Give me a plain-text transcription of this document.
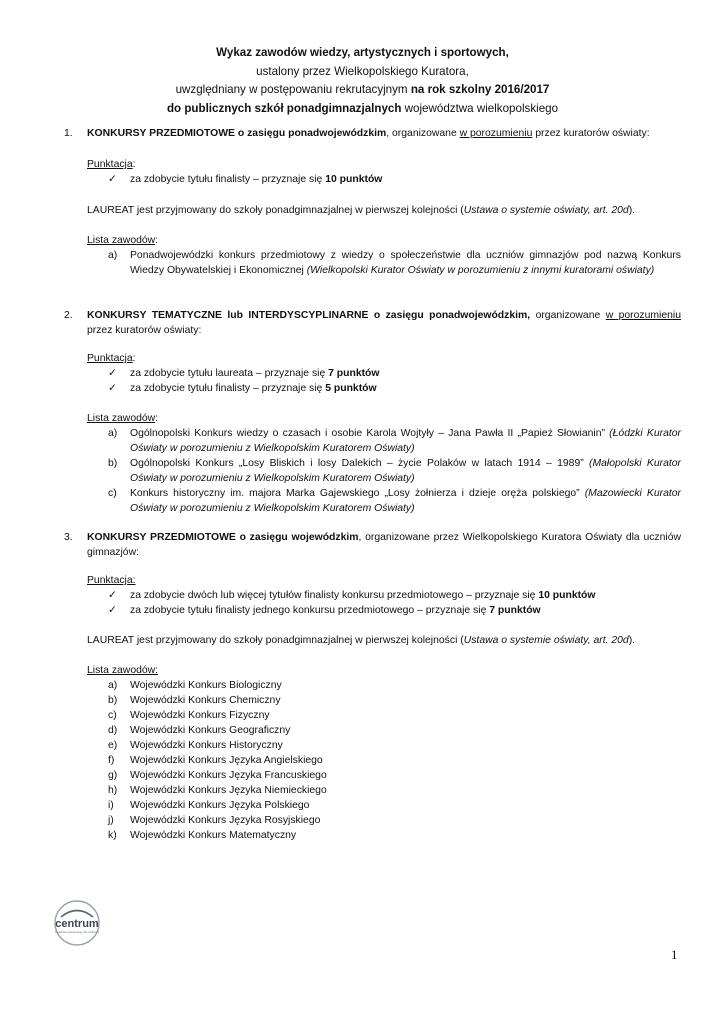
Wykaz zawodów wiedzy, artystycznych i sportowych,
ustalony przez Wielkopolskiego Kuratora,
uwzględniany w postępowaniu rekrutacyjnym na rok szkolny 2016/2017
do publicznych szkół ponadgimnazjalnych województwa wielkopolskiego
1. KONKURSY PRZEDMIOTOWE o zasięgu ponadwojewódzkim, organizowane w porozumieniu przez kuratorów oświaty:
Punktacja:
✓ za zdobycie tytułu finalisty – przyznaje się 10 punktów
LAUREAT jest przyjmowany do szkoły ponadgimnazjalnej w pierwszej kolejności (Ustawa o systemie oświaty, art. 20d).
Lista zawodów:
a) Ponadwojewódzki konkurs przedmiotowy z wiedzy o społeczeństwie dla uczniów gimnazjów pod nazwą Konkurs Wiedzy Obywatelskiej i Ekonomicznej (Wielkopolski Kurator Oświaty w porozumieniu z innymi kuratorami oświaty)
2. KONKURSY TEMATYCZNE lub INTERDYSCYPLINARNE o zasięgu ponadwojewódzkim, organizowane w porozumieniu przez kuratorów oświaty:
Punktacja:
✓ za zdobycie tytułu laureata – przyznaje się 7 punktów
✓ za zdobycie tytułu finalisty – przyznaje się 5 punktów
Lista zawodów:
a) Ogólnopolski Konkurs wiedzy o czasach i osobie Karola Wojtyły – Jana Pawła II „Papież Słowianin” (Łódzki Kurator Oświaty w porozumieniu z Wielkopolskim Kuratorem Oświaty)
b) Ogólnopolski Konkurs „Losy Bliskich i losy Dalekich – życie Polaków w latach 1914 – 1989” (Małopolski Kurator Oświaty w porozumieniu z Wielkopolskim Kuratorem Oświaty)
c) Konkurs historyczny im. majora Marka Gajewskiego „Losy żołnierza i dzieje oręża polskiego” (Mazowiecki Kurator Oświaty w porozumieniu z Wielkopolskim Kuratorem Oświaty)
3. KONKURSY PRZEDMIOTOWE o zasięgu wojewódzkim, organizowane przez Wielkopolskiego Kuratora Oświaty dla uczniów gimnazjów:
Punktacja:
✓ za zdobycie dwóch lub więcej tytułów finalisty konkursu przedmiotowego – przyznaje się 10 punktów
✓ za zdobycie tytułu finalisty jednego konkursu przedmiotowego – przyznaje się 7 punktów
LAUREAT jest przyjmowany do szkoły ponadgimnazjalnej w pierwszej kolejności (Ustawa o systemie oświaty, art. 20d).
Lista zawodów:
a) Wojewódzki Konkurs Biologiczny
b) Wojewódzki Konkurs Chemiczny
c) Wojewódzki Konkurs Fizyczny
d) Wojewódzki Konkurs Geograficzny
e) Wojewódzki Konkurs Historyczny
f) Wojewódzki Konkurs Języka Angielskiego
g) Wojewódzki Konkurs Języka Francuskiego
h) Wojewódzki Konkurs Języka Niemieckiego
i) Wojewódzki Konkurs Języka Polskiego
j) Wojewódzki Konkurs Języka Rosyjskiego
k) Wojewódzki Konkurs Matematyczny
centrum
doradztwa zawodowego dla młodzieży
1
